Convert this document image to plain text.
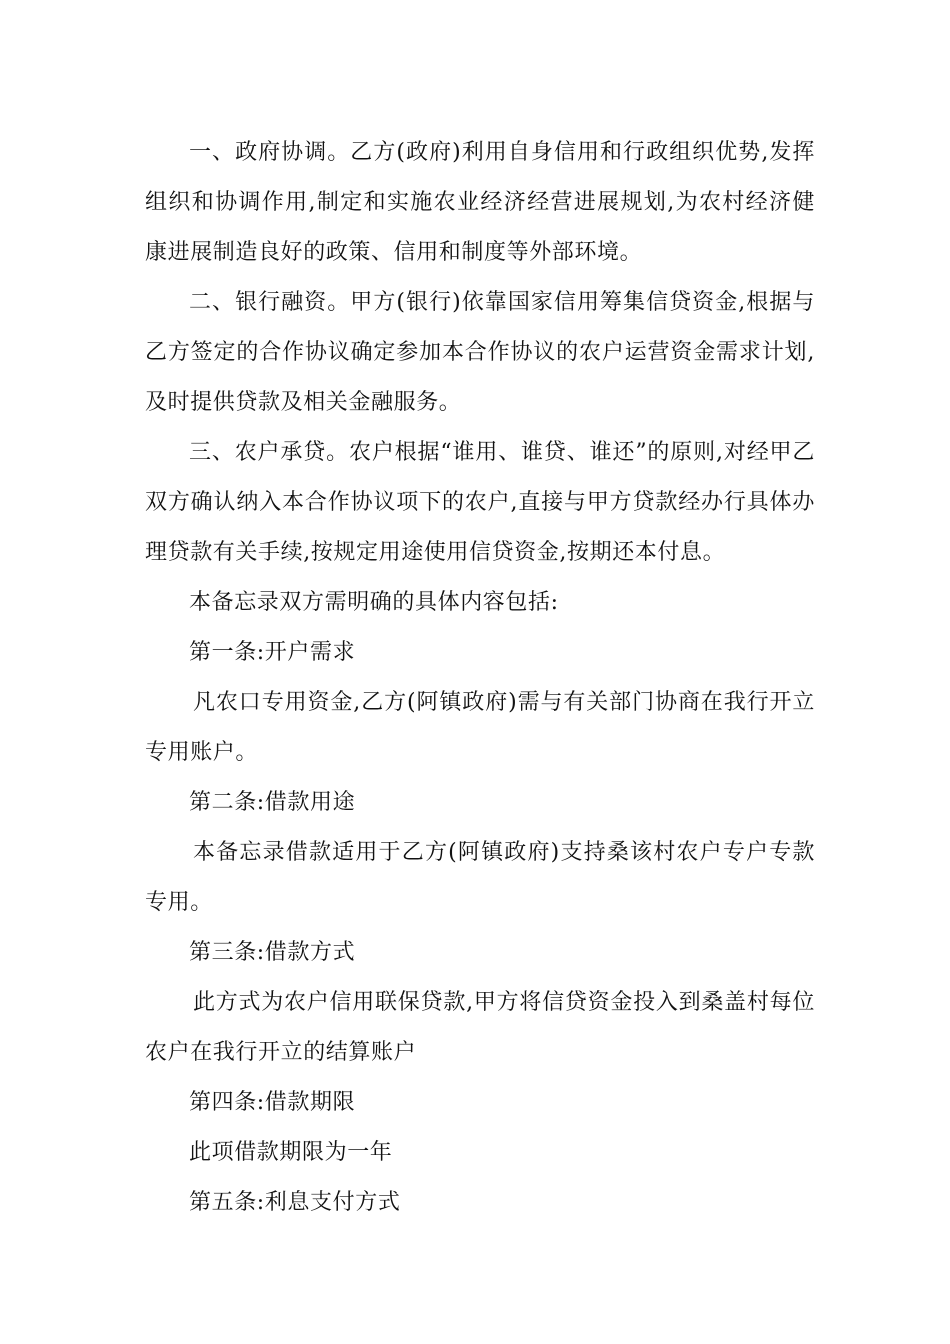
一、政府协调。乙方(政府)利用自身信用和行政组织优势,发挥组织和协调作用,制定和实施农业经济经营进展规划,为农村经济健康进展制造良好的政策、信用和制度等外部环境。

二、银行融资。甲方(银行)依靠国家信用筹集信贷资金,根据与乙方签定的合作协议确定参加本合作协议的农户运营资金需求计划,及时提供贷款及相关金融服务。

三、农户承贷。农户根据“谁用、谁贷、谁还”的原则,对经甲乙双方确认纳入本合作协议项下的农户,直接与甲方贷款经办行具体办理贷款有关手续,按规定用途使用信贷资金,按期还本付息。

本备忘录双方需明确的具体内容包括:

第一条:开户需求

凡农口专用资金,乙方(阿镇政府)需与有关部门协商在我行开立专用账户。

第二条:借款用途

本备忘录借款适用于乙方(阿镇政府)支持桑该村农户专户专款专用。

第三条:借款方式

此方式为农户信用联保贷款,甲方将信贷资金投入到桑盖村每位农户在我行开立的结算账户

第四条:借款期限

此项借款期限为一年

第五条:利息支付方式
